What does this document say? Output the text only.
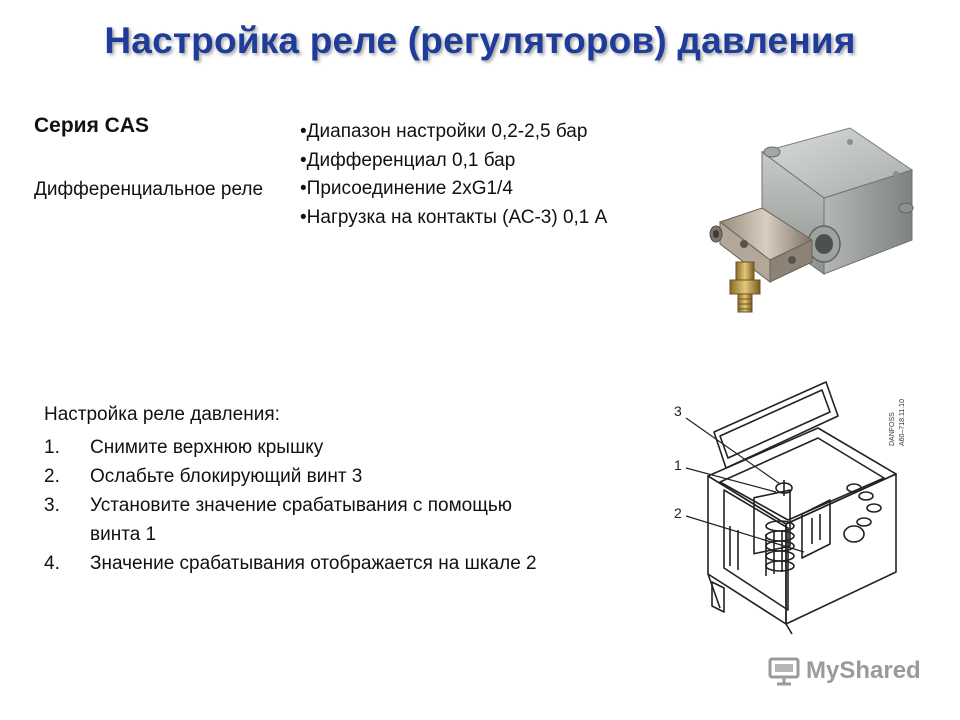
Настройка реле (регуляторов) давления
Серия CAS
Дифференциальное реле
• Диапазон настройки 0,2-2,5 бар
• Дифференциал 0,1 бар
• Присоединение 2xG1/4
• Нагрузка на контакты (АС-3) 0,1 А
Настройка реле давления:
1.	Снимите верхнюю крышку
2.	Ослабьте блокирующий винт 3
3.	Установите значение срабатывания с помощью винта 1
4.	Значение срабатывания отображается на шкале 2
3
1
2
DANFOSS A60–718.11.10
MyShared
